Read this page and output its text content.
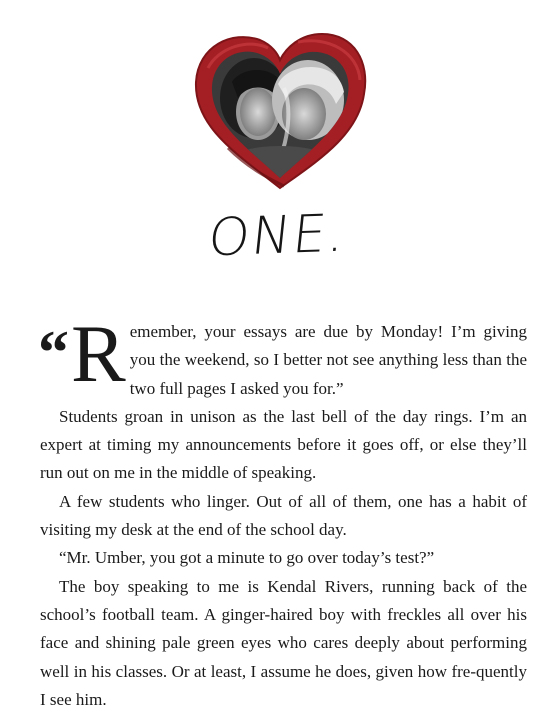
ONE.

“ R emember, your essays are due by Monday! I’m giving you the weekend, so I better not see anything less than the two full pages I asked you for.”

Students groan in unison as the last bell of the day rings. I’m an expert at timing my announcements before it goes off, or else they’ll run out on me in the middle of speaking.

A few students who linger. Out of all of them, one has a habit of visiting my desk at the end of the school day.

“Mr. Umber, you got a minute to go over today’s test?”

The boy speaking to me is Kendal Rivers, running back of the school’s football team. A ginger-haired boy with freckles all over his face and shining pale green eyes who cares deeply about performing well in his classes. Or at least, I assume he does, given how fre-quently I see him.
